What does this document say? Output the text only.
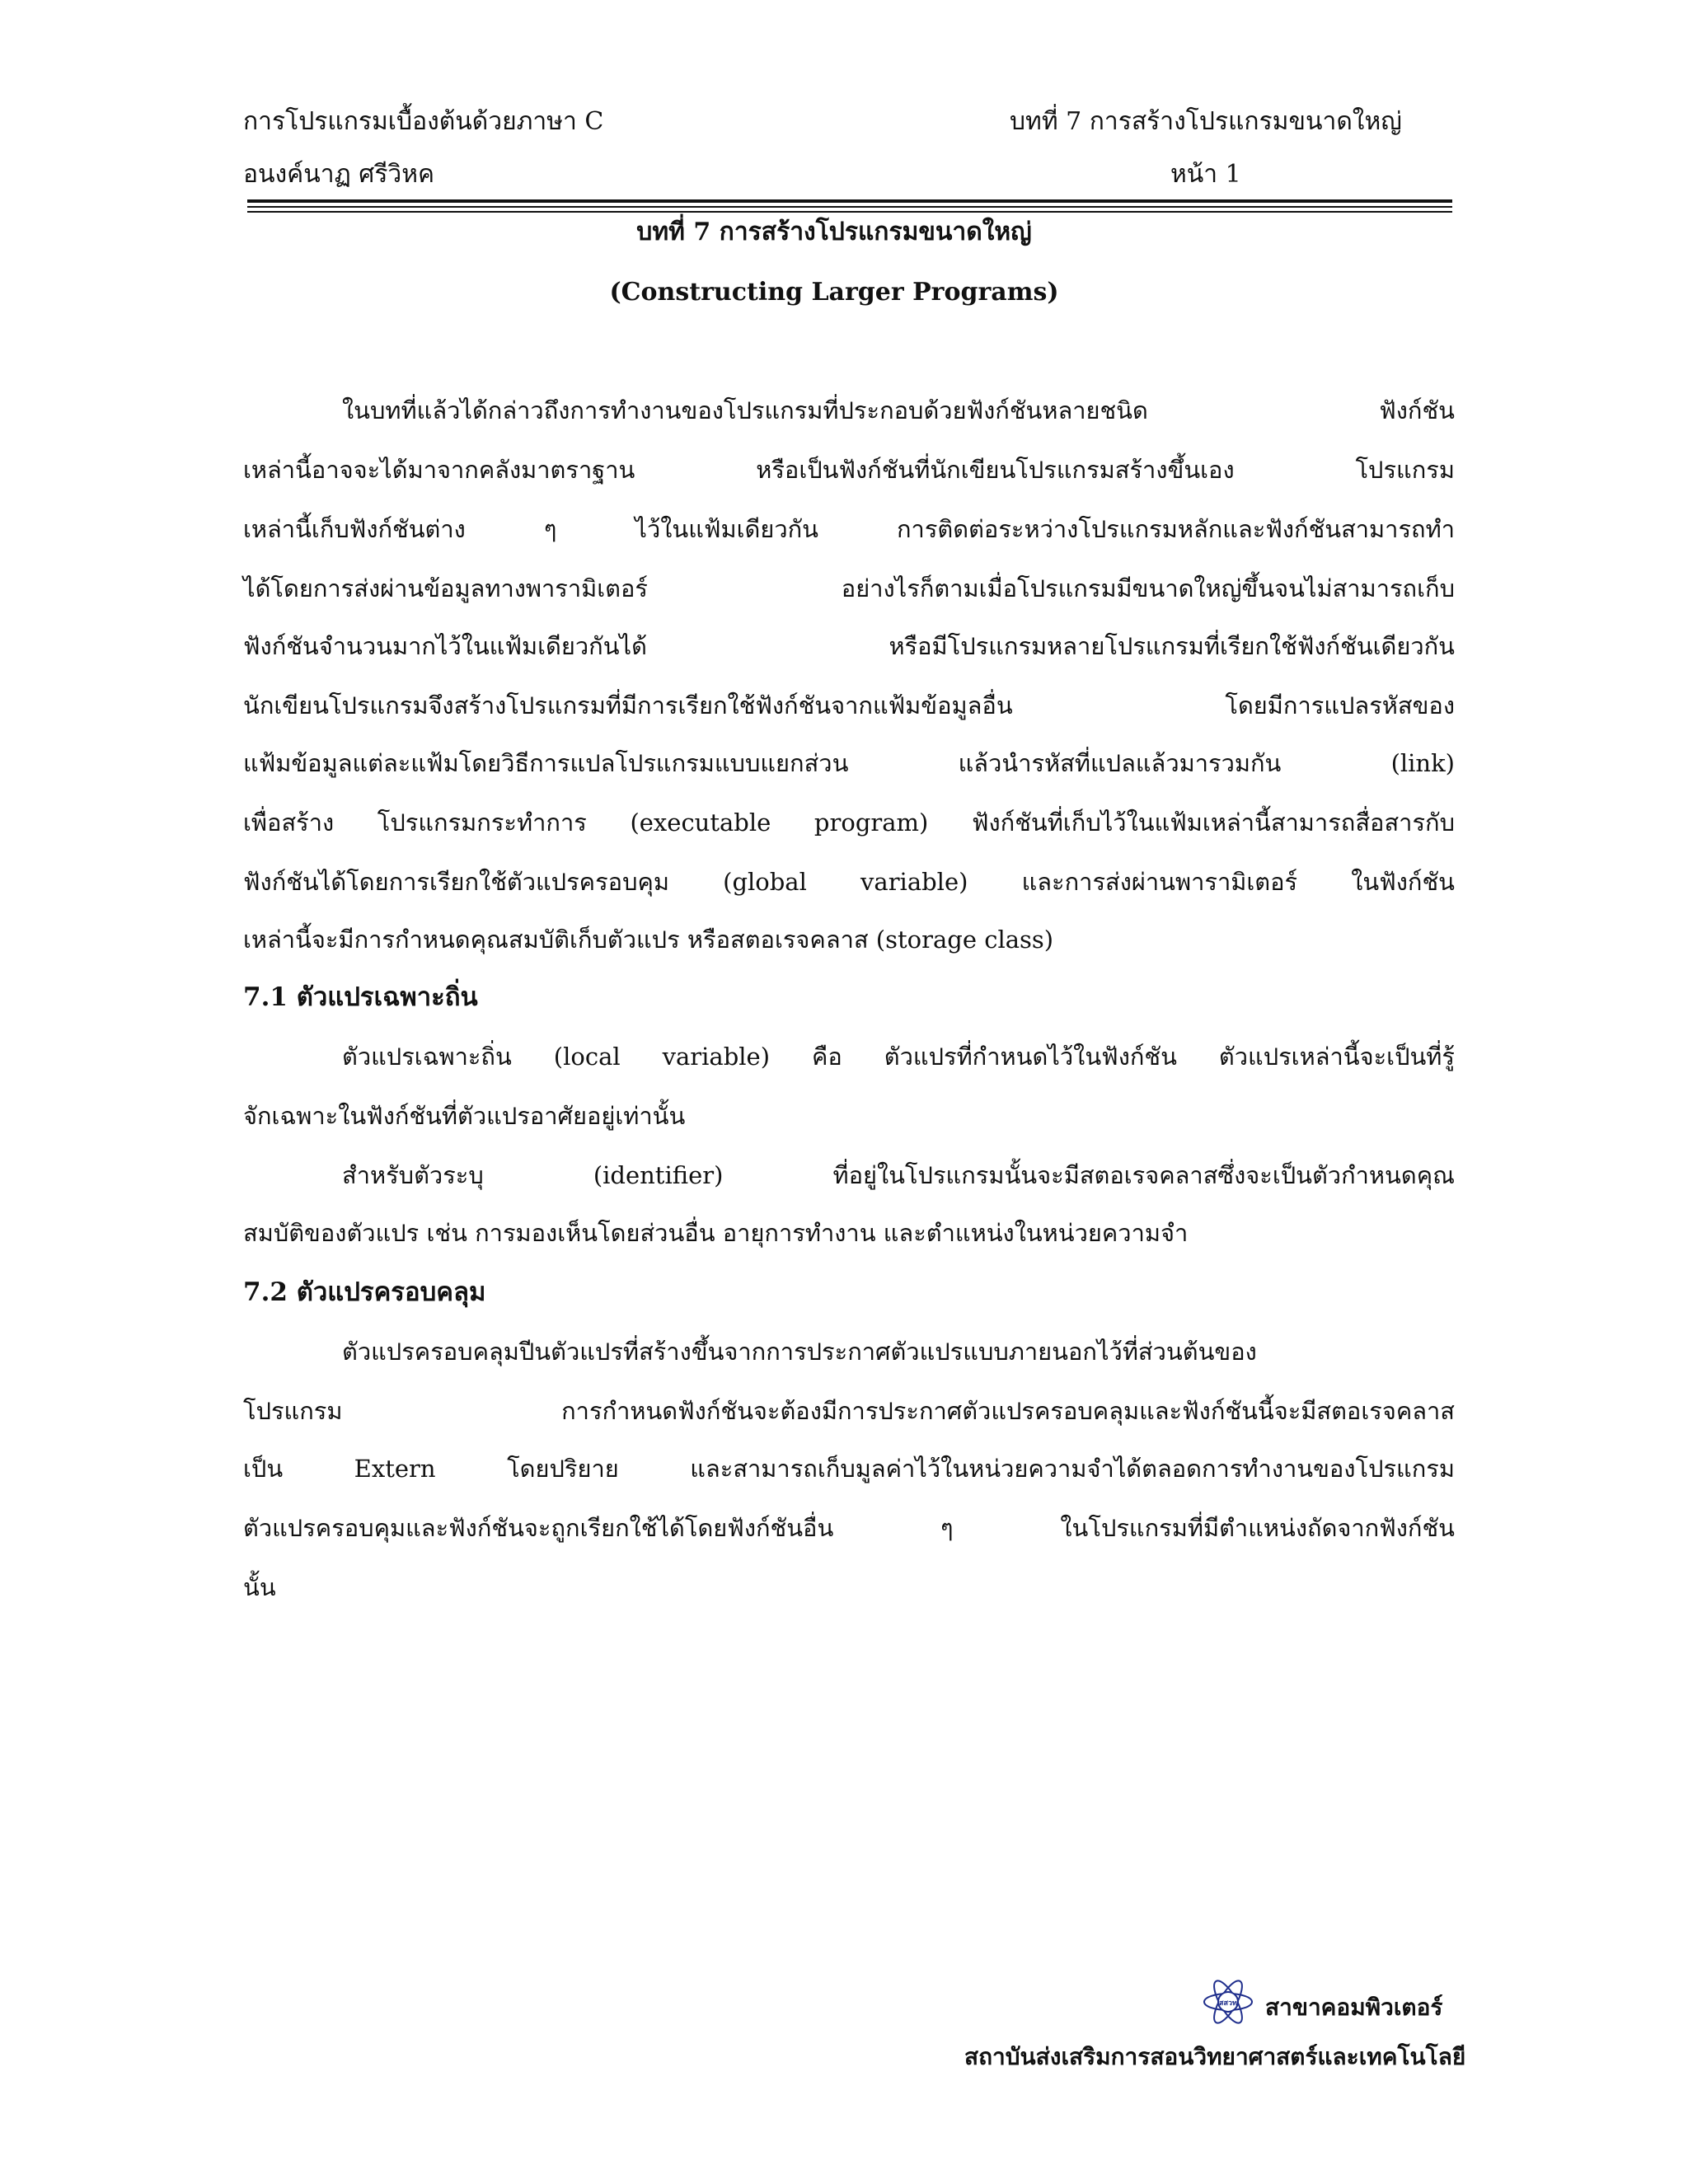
การโปรแกรมเบื้องต้นด้วยภาษา C	บทที่ 7 การสร้างโปรแกรมขนาดใหญ่
อนงค์นาฏ ศรีวิหค	หน้า 1
บทที่ 7 การสร้างโปรแกรมขนาดใหญ่
(Constructing Larger Programs)
ในบทที่แล้วได้กล่าวถึงการทำงานของโปรแกรมที่ประกอบด้วยฟังก์ชันหลายชนิด ฟังก์ชัน
เหล่านี้อาจจะได้มาจากคลังมาตราฐาน หรือเป็นฟังก์ชันที่นักเขียนโปรแกรมสร้างขึ้นเอง โปรแกรม
เหล่านี้เก็บฟังก์ชันต่าง ๆ ไว้ในแฟ้มเดียวกัน การติดต่อระหว่างโปรแกรมหลักและฟังก์ชันสามารถทำ
ได้โดยการส่งผ่านข้อมูลทางพารามิเตอร์ อย่างไรก็ตามเมื่อโปรแกรมมีขนาดใหญ่ขึ้นจนไม่สามารถเก็บ
ฟังก์ชันจำนวนมากไว้ในแฟ้มเดียวกันได้ หรือมีโปรแกรมหลายโปรแกรมที่เรียกใช้ฟังก์ชันเดียวกัน
นักเขียนโปรแกรมจึงสร้างโปรแกรมที่มีการเรียกใช้ฟังก์ชันจากแฟ้มข้อมูลอื่น โดยมีการแปลรหัสของ
แฟ้มข้อมูลแต่ละแฟ้มโดยวิธีการแปลโปรแกรมแบบแยกส่วน แล้วนำรหัสที่แปลแล้วมารวมกัน (link)
เพื่อสร้าง โปรแกรมกระทำการ (executable program) ฟังก์ชันที่เก็บไว้ในแฟ้มเหล่านี้สามารถสื่อสารกับ
ฟังก์ชันได้โดยการเรียกใช้ตัวแปรครอบคุม (global variable) และการส่งผ่านพารามิเตอร์ ในฟังก์ชัน
เหล่านี้จะมีการกำหนดคุณสมบัติเก็บตัวแปร หรือสตอเรจคลาส (storage class)
7.1 ตัวแปรเฉพาะถิ่น
ตัวแปรเฉพาะถิ่น (local variable) คือ ตัวแปรที่กำหนดไว้ในฟังก์ชัน ตัวแปรเหล่านี้จะเป็นที่รู้
จักเฉพาะในฟังก์ชันที่ตัวแปรอาศัยอยู่เท่านั้น
สำหรับตัวระบุ (identifier) ที่อยู่ในโปรแกรมนั้นจะมีสตอเรจคลาสซึ่งจะเป็นตัวกำหนดคุณ
สมบัติของตัวแปร เช่น การมองเห็นโดยส่วนอื่น อายุการทำงาน และตำแหน่งในหน่วยความจำ
7.2 ตัวแปรครอบคลุม
ตัวแปรครอบคลุมปีนตัวแปรที่สร้างขึ้นจากการประกาศตัวแปรแบบภายนอกไว้ที่ส่วนต้นของ
โปรแกรม การกำหนดฟังก์ชันจะต้องมีการประกาศตัวแปรครอบคลุมและฟังก์ชันนี้จะมีสตอเรจคลาส
เป็น Extern โดยปริยาย และสามารถเก็บมูลค่าไว้ในหน่วยความจำได้ตลอดการทำงานของโปรแกรม
ตัวแปรครอบคุมและฟังก์ชันจะถูกเรียกใช้ได้โดยฟังก์ชันอื่น ๆ ในโปรแกรมที่มีตำแหน่งถัดจากฟังก์ชัน
นั้น
สสวท สาขาคอมพิวเตอร์
สถาบันส่งเสริมการสอนวิทยาศาสตร์และเทคโนโลยี
